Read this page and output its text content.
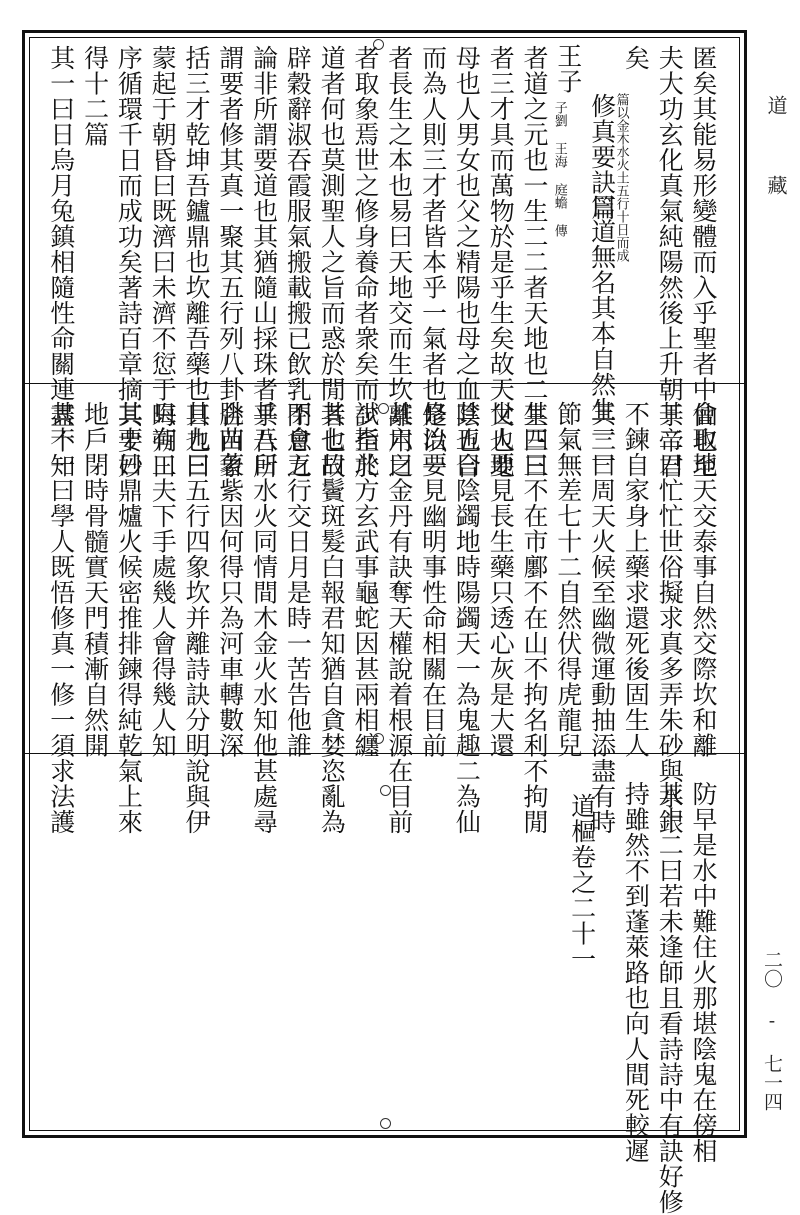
匿矣其能易形變體而入乎聖者中仙也至
夫大功玄化真氣純陽然後上升朝于帝君
矣
修真要訣篇
王子
者道之元也一生二二者天地也二生三三
者三才具而萬物於是乎生矣故天父也地
母也人男女也父之精陽也母之血陰也合
而為人則三才者皆本乎一氣者也是以一
者長生之本也易曰天地交而生坎離用之
者取象焉世之修身養命者衆矣而少至於
道者何也莫測聖人之旨而惑於閒者也故
辟穀辭淑吞霞服氣搬載搬已飲乳閉息之
論非所謂要道也其猶隨山採珠者乎吾所
謂要者修其真一聚其五行列八卦合四象
括三才乾坤吾鑪鼎也坎離吾藥也日也曰
蒙起于朝昏曰既濟曰未濟不愆于晦朔曰
序循環千日而成功矣著詩百章摘其要妙
得十二篇
其一曰日烏月兔鎮相隨性命關連盡不知	曰道無名其本自然生一一
子劉 王海 庭蟾 傳	篇以金木水火土五行十日而成
會取地天交泰事自然交際坎和離
其二曰忙忙世俗擬求真多弄朱砂與水銀
不鍊自家身上藥求還死後固生人
其三曰周天火候至幽微運動抽添盡有時
節氣無差七十二自然伏得虎龍兒
其四曰不在市鄽不在山不拘名利不拘閒
世人要見長生藥只透心灰是大還
其五曰陰蠲地時陽蠲天一為鬼趣二為仙
修治要見幽明事性命相關在目前
其六曰金丹有訣奪天權說着根源在目前
試指北方玄武事龜蛇因甚兩相纏
其七曰鬢斑髮白報君知猶自貪婪恣亂為
不會五行交日月是時一苦告他誰
其八曰水火同情間木金火水知他甚處尋
朓苗著紫因何得只為河車轉數深
其九曰五行四象坎并離詩訣分明說與伊
只有工夫下手處幾人會得幾人知
其十曰鼎爐火候密推排鍊得純乾氣上來
地戶閉時骨髓實天門積漸自然開
其十一曰學人既悟修真一修一須求法護
防早是水中難住火那堪陰鬼在傍相
其十二曰若未逢師且看詩詩中有訣好修
持雖然不到蓬萊路也向人間死較遲
道樞卷之二十一
道
藏
二〇 - 七一四
